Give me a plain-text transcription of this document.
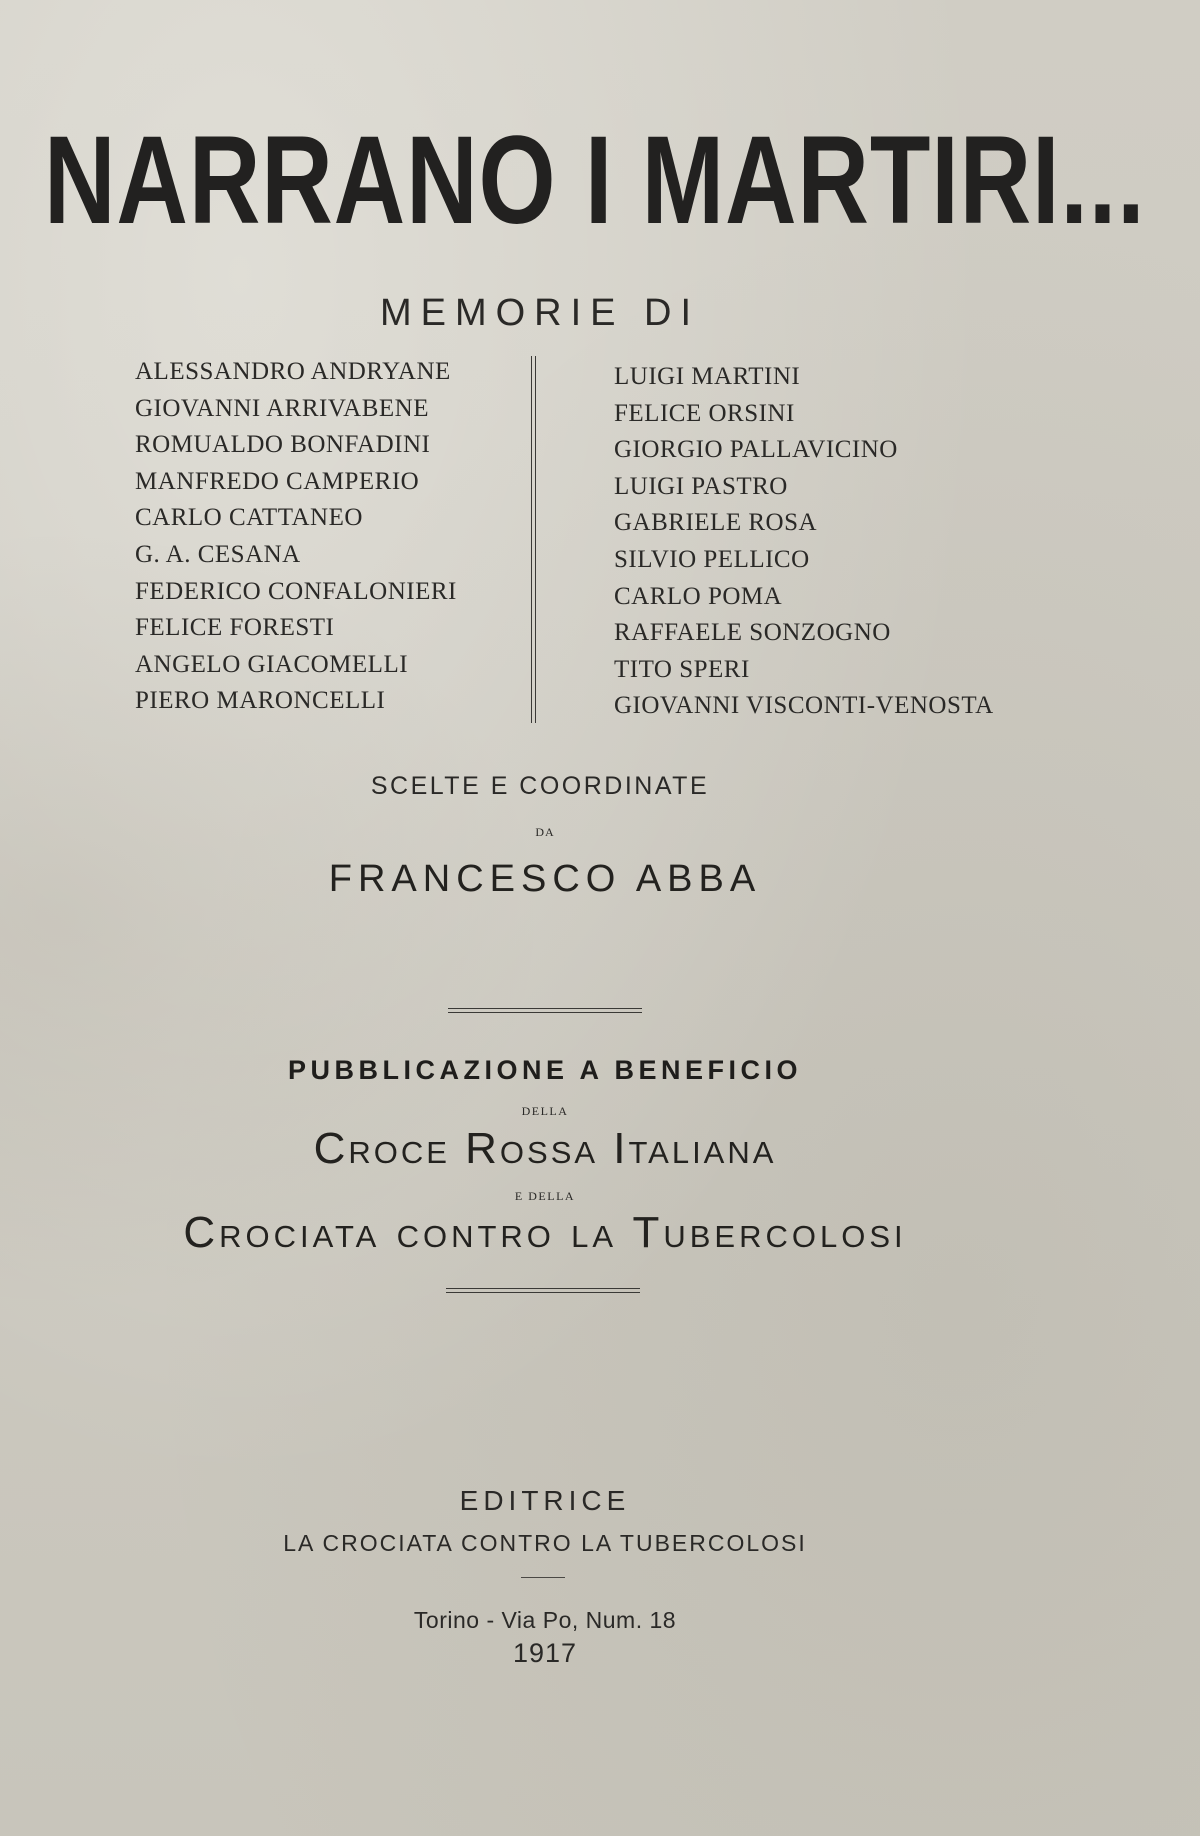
NARRANO I MARTIRI...
MEMORIE DI
ALESSANDRO ANDRYANE
GIOVANNI ARRIVABENE
ROMUALDO BONFADINI
MANFREDO CAMPERIO
CARLO CATTANEO
G. A. CESANA
FEDERICO CONFALONIERI
FELICE FORESTI
ANGELO GIACOMELLI
PIERO MARONCELLI
LUIGI MARTINI
FELICE ORSINI
GIORGIO PALLAVICINO
LUIGI PASTRO
GABRIELE ROSA
SILVIO PELLICO
CARLO POMA
RAFFAELE SONZOGNO
TITO SPERI
GIOVANNI VISCONTI-VENOSTA
SCELTE E COORDINATE
DA
FRANCESCO ABBA
PUBBLICAZIONE A BENEFICIO
DELLA
Croce Rossa Italiana
E DELLA
Crociata contro la Tubercolosi
EDITRICE
LA CROCIATA CONTRO LA TUBERCOLOSI
Torino - Via Po, Num. 18
1917
